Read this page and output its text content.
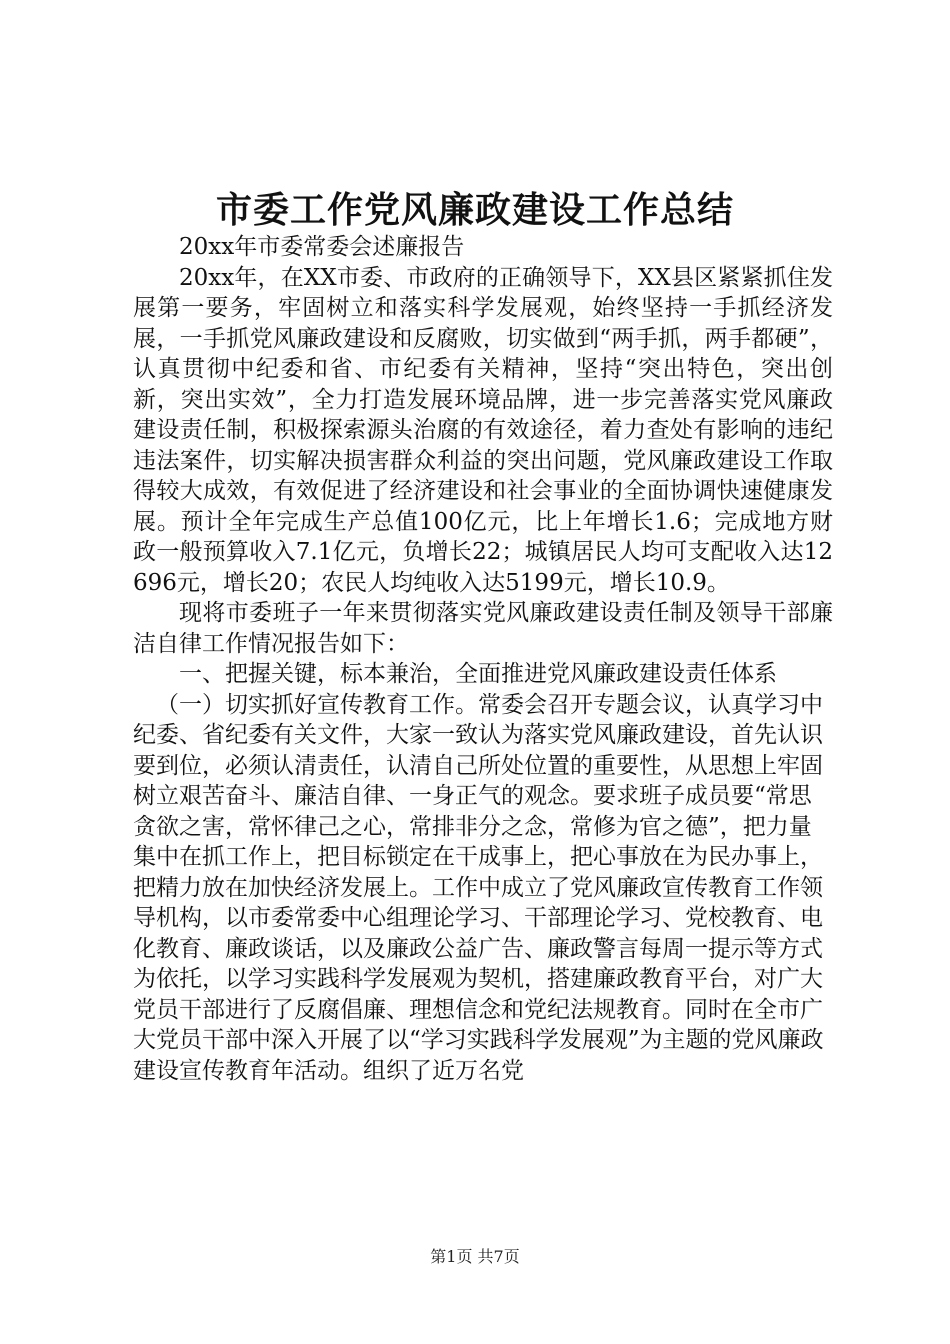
市委工作党风廉政建设工作总结

20xx年市委常委会述廉报告

20xx年，在XX市委、市政府的正确领导下，XX县区紧紧抓住发展第一要务，牢固树立和落实科学发展观，始终坚持一手抓经济发展，一手抓党风廉政建设和反腐败，切实做到“两手抓，两手都硬”，认真贯彻中纪委和省、市纪委有关精神，坚持“突出特色，突出创新，突出实效”，全力打造发展环境品牌，进一步完善落实党风廉政建设责任制，积极探索源头治腐的有效途径，着力查处有影响的违纪违法案件，切实解决损害群众利益的突出问题，党风廉政建设工作取得较大成效，有效促进了经济建设和社会事业的全面协调快速健康发展。预计全年完成生产总值100亿元，比上年增长1.6；完成地方财政一般预算收入7.1亿元，负增长22；城镇居民人均可支配收入达12696元，增长20；农民人均纯收入达5199元，增长10.9。

现将市委班子一年来贯彻落实党风廉政建设责任制及领导干部廉洁自律工作情况报告如下：

一、把握关键，标本兼治，全面推进党风廉政建设责任体系

（一）切实抓好宣传教育工作。常委会召开专题会议，认真学习中纪委、省纪委有关文件，大家一致认为落实党风廉政建设，首先认识要到位，必须认清责任，认清自己所处位置的重要性，从思想上牢固树立艰苦奋斗、廉洁自律、一身正气的观念。要求班子成员要“常思贪欲之害，常怀律己之心，常排非分之念，常修为官之德”，把力量集中在抓工作上，把目标锁定在干成事上，把心事放在为民办事上，把精力放在加快经济发展上。工作中成立了党风廉政宣传教育工作领导机构，以市委常委中心组理论学习、干部理论学习、党校教育、电化教育、廉政谈话，以及廉政公益广告、廉政警言每周一提示等方式为依托，以学习实践科学发展观为契机，搭建廉政教育平台，对广大党员干部进行了反腐倡廉、理想信念和党纪法规教育。同时在全市广大党员干部中深入开展了以“学习实践科学发展观”为主题的党风廉政建设宣传教育年活动。组织了近万名党

第1页 共7页
